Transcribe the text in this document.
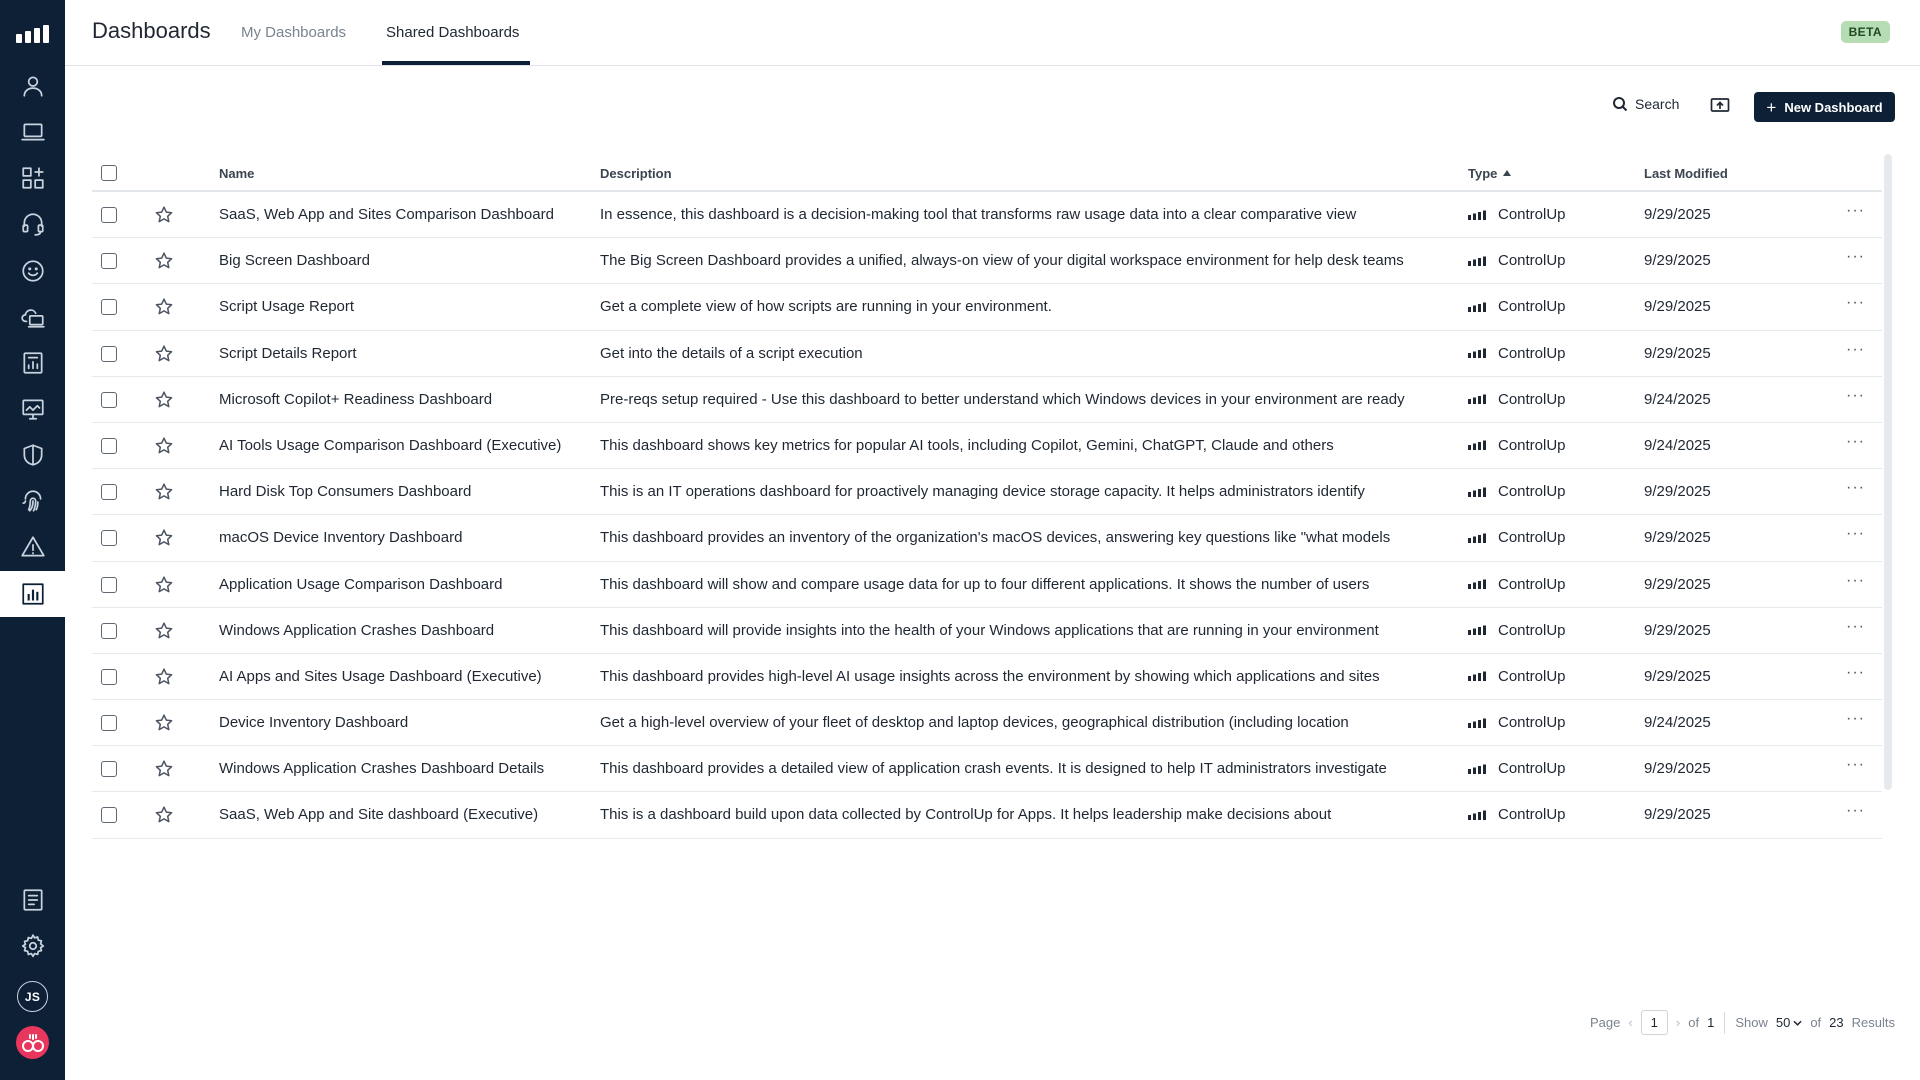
JS
Dashboards My Dashboards	Shared Dashboards	BETA
Search	+ New Dashboard
Name	Description	Type	Last Modified
SaaS, Web App and Sites Comparison Dashboard	In essence, this dashboard is a decision-making tool that transforms raw usage data into a clear comparative view	ControlUp	9/29/2025	···
Big Screen Dashboard	The Big Screen Dashboard provides a unified, always-on view of your digital workspace environment for help desk teams	ControlUp	9/29/2025	···
Script Usage Report	Get a complete view of how scripts are running in your environment.	ControlUp	9/29/2025	···
Script Details Report	Get into the details of a script execution	ControlUp	9/29/2025	···
Microsoft Copilot+ Readiness Dashboard	Pre-reqs setup required - Use this dashboard to better understand which Windows devices in your environment are ready	ControlUp	9/24/2025	···
AI Tools Usage Comparison Dashboard (Executive)	This dashboard shows key metrics for popular AI tools, including Copilot, Gemini, ChatGPT, Claude and others	ControlUp	9/24/2025	···
Hard Disk Top Consumers Dashboard	This is an IT operations dashboard for proactively managing device storage capacity. It helps administrators identify	ControlUp	9/29/2025	···
macOS Device Inventory Dashboard	This dashboard provides an inventory of the organization's macOS devices, answering key questions like "what models	ControlUp	9/29/2025	···
Application Usage Comparison Dashboard	This dashboard will show and compare usage data for up to four different applications. It shows the number of users	ControlUp	9/29/2025	···
Windows Application Crashes Dashboard	This dashboard will provide insights into the health of your Windows applications that are running in your environment	ControlUp	9/29/2025	···
AI Apps and Sites Usage Dashboard (Executive)	This dashboard provides high-level AI usage insights across the environment by showing which applications and sites	ControlUp	9/29/2025	···
Device Inventory Dashboard	Get a high-level overview of your fleet of desktop and laptop devices, geographical distribution (including location	ControlUp	9/24/2025	···
Windows Application Crashes Dashboard Details	This dashboard provides a detailed view of application crash events. It is designed to help IT administrators investigate	ControlUp	9/29/2025	···
SaaS, Web App and Site dashboard (Executive)	This is a dashboard build upon data collected by ControlUp for Apps. It helps leadership make decisions about	ControlUp	9/29/2025	···
Page ‹	1	› of 1 Show 50 of 23 Results
